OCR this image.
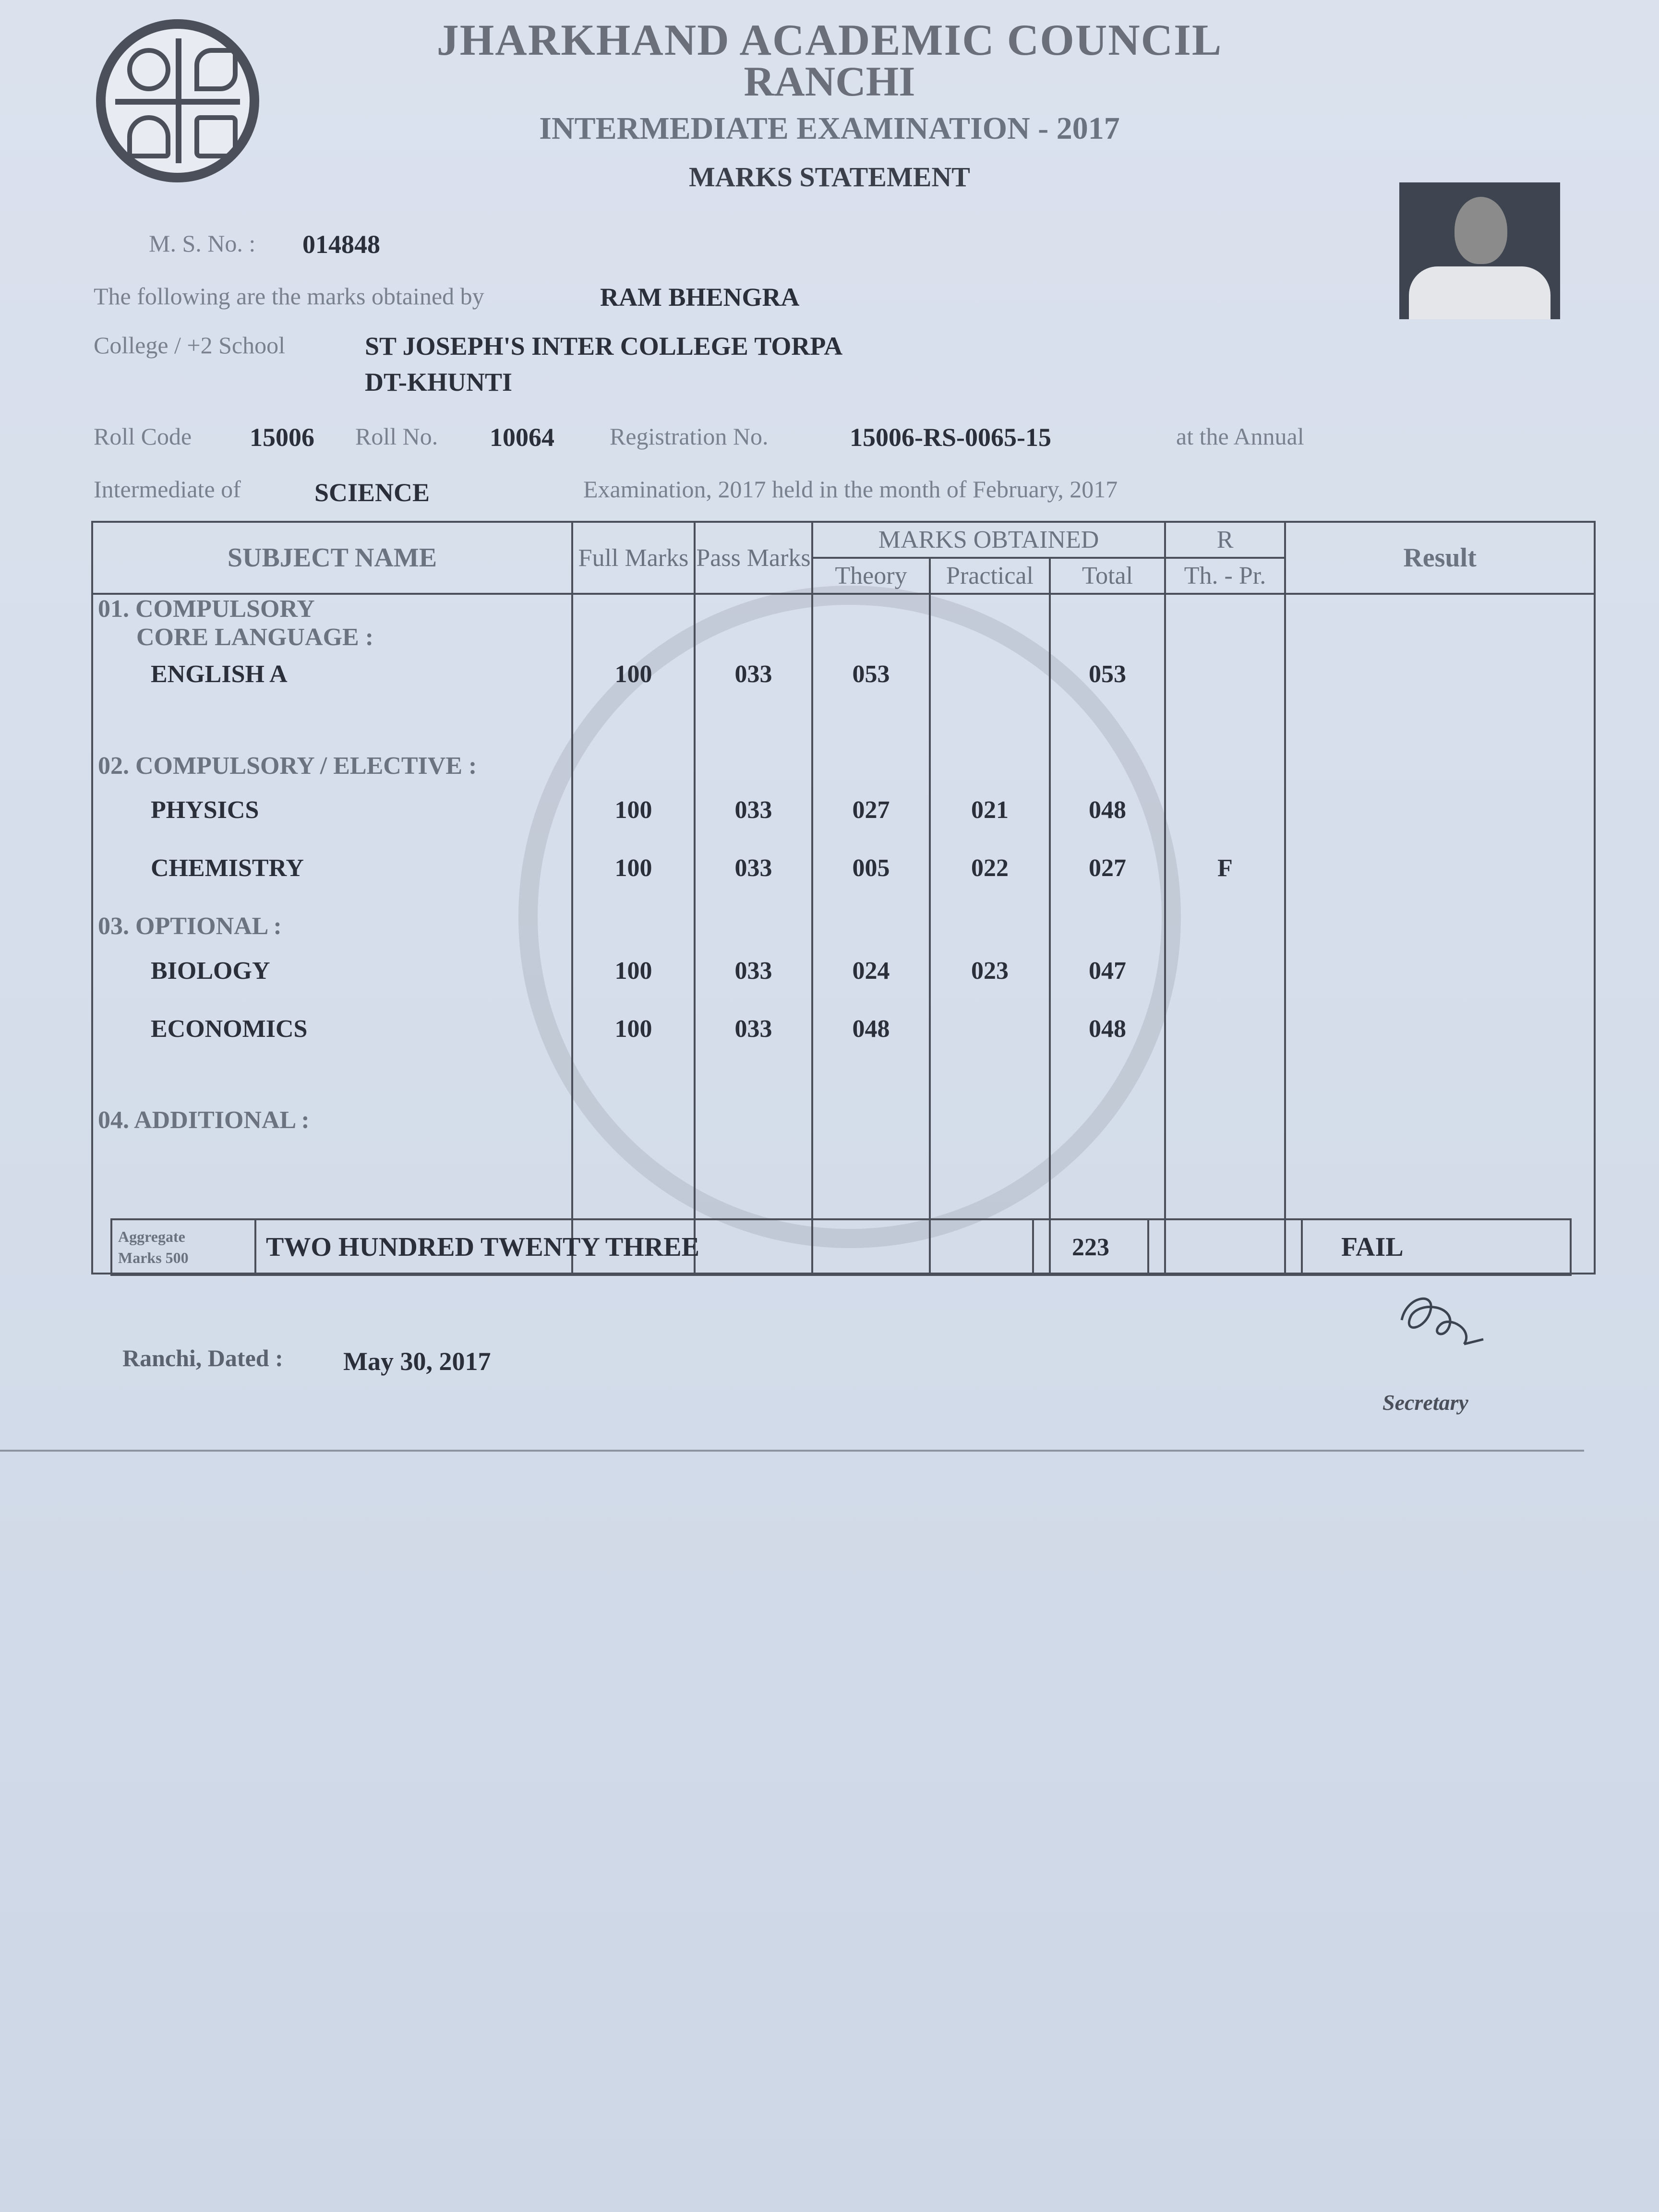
JHARKHAND ACADEMIC COUNCIL
RANCHI
INTERMEDIATE EXAMINATION - 2017
MARKS STATEMENT
M. S. No. : 014848
The following are the marks obtained by	RAM BHENGRA
College / +2 School	ST JOSEPH'S INTER COLLEGE TORPA
DT-KHUNTI
Roll Code 15006 Roll No. 10064 Registration No.	15006-RS-0065-15	at the Annual
Intermediate of	SCIENCE	Examination, 2017 held in the month of February, 2017
SUBJECT NAME	Full Marks	Pass Marks	MARKS OBTAINED			R	Result
			Theory	Practical	Total	Th. - Pr.	

01. COMPULSORY
CORE LANGUAGE :							

ENGLISH A	100	033	053		053		

02. COMPULSORY / ELECTIVE :							
PHYSICS	100	033	027	021	048		
CHEMISTRY	100	033	005	022	027	F	
03. OPTIONAL :							
BIOLOGY	100	033	024	023	047		
ECONOMICS	100	033	048		048		

04. ADDITIONAL :							

Aggregate
Marks 500	TWO HUNDRED TWENTY THREE	223		FAIL
Ranchi, Dated : May 30, 2017
Secretary
